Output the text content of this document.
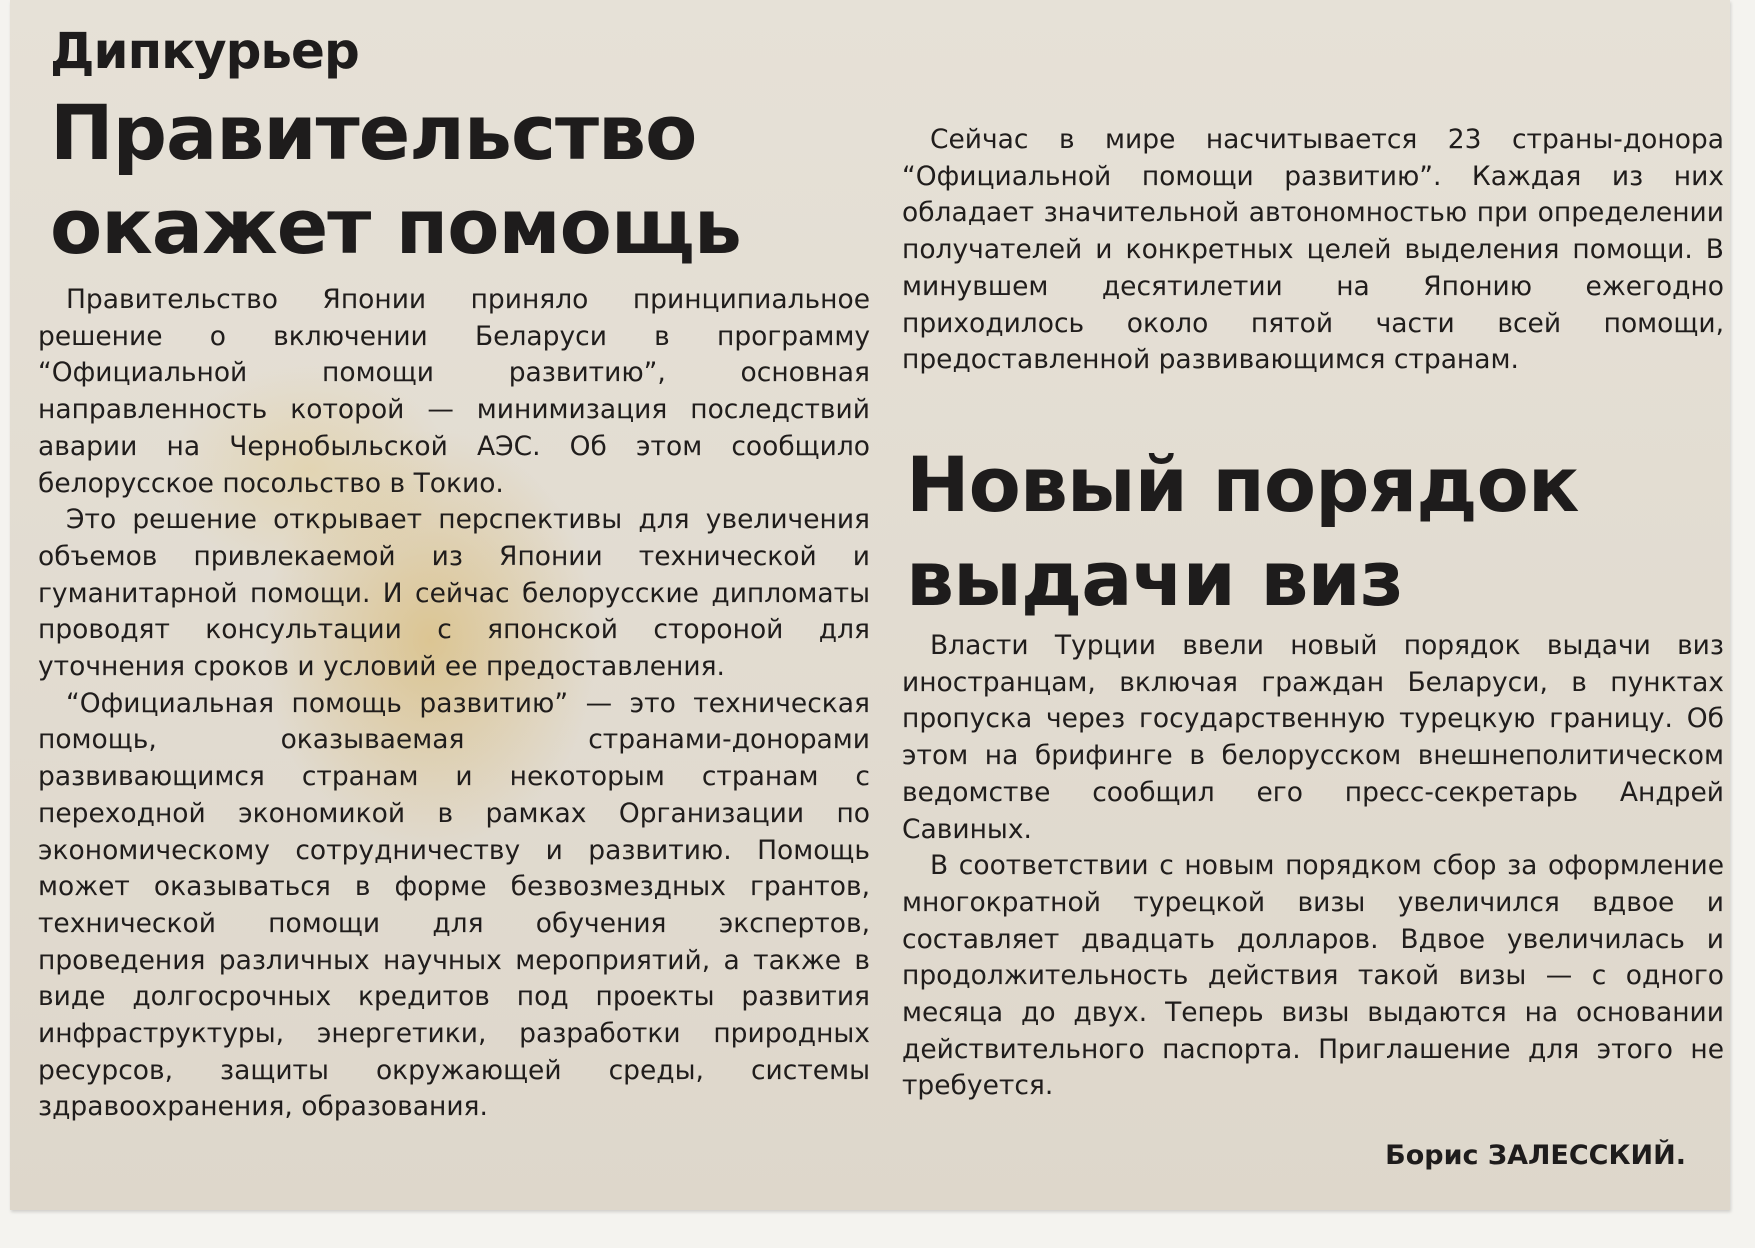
Дипкурьер
Правительство
окажет помощь

Правительство Японии приняло принципиальное решение о включении Беларуси в программу “Официальной помощи развитию”, основная направленность которой — минимизация последствий аварии на Чернобыльской АЭС. Об этом сообщило белорусское посольство в Токио.

Это решение открывает перспективы для увеличения объемов привлекаемой из Японии технической и гуманитарной помощи. И сейчас белорусские дипломаты проводят консультации с японской стороной для уточнения сроков и условий ее предоставления.

“Официальная помощь развитию” — это техническая помощь, оказываемая странами-донорами развивающимся странам и некоторым странам с переходной экономикой в рамках Организации по экономическому сотрудничеству и развитию. Помощь может оказываться в форме безвозмездных грантов, технической помощи для обучения экспертов, проведения различных научных мероприятий, а также в виде долгосрочных кредитов под проекты развития инфраструктуры, энергетики, разработки природных ресурсов, защиты окружающей среды, системы здравоохранения, образования.

Сейчас в мире насчитывается 23 страны-донора “Официальной помощи развитию”. Каждая из них обладает значительной автономностью при определении получателей и конкретных целей выделения помощи. В минувшем десятилетии на Японию ежегодно приходилось около пятой части всей помощи, предоставленной развивающимся странам.

Новый порядок
выдачи виз

Власти Турции ввели новый порядок выдачи виз иностранцам, включая граждан Беларуси, в пунктах пропуска через государственную турецкую границу. Об этом на брифинге в белорусском внешнеполитическом ведомстве сообщил его пресс-секретарь Андрей Савиных.

В соответствии с новым порядком сбор за оформление многократной турецкой визы увеличился вдвое и составляет двадцать долларов. Вдвое увеличилась и продолжительность действия такой визы — с одного месяца до двух. Теперь визы выдаются на основании действительного паспорта. Приглашение для этого не требуется.

Борис ЗАЛЕССКИЙ.
